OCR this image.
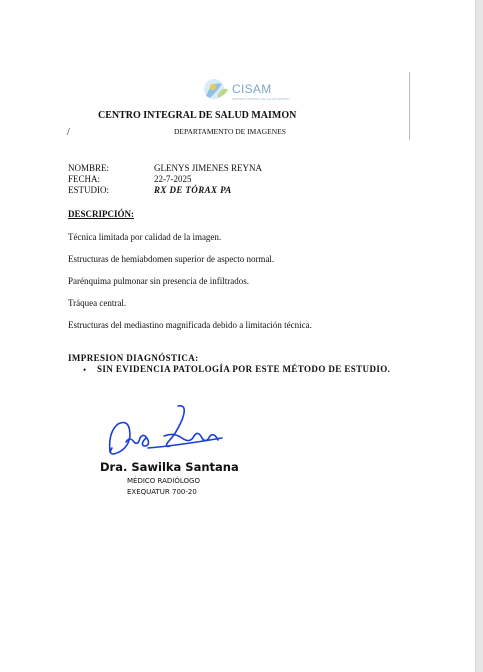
CISAM
CENTRO INTEGRAL DE SALUD MAIMON
CENTRO INTEGRAL DE SALUD MAIMON
/	DEPARTAMENTO DE IMAGENES
NOMBRE:	GLENYS JIMENES REYNA
FECHA:	22-7-2025
ESTUDIO:	RX DE TÓRAX PA
DESCRIPCIÓN:
Técnica limitada por calidad de la imagen.
Estructuras de hemiabdomen superior de aspecto normal.
Parénquima pulmonar sin presencia de infiltrados.
Tráquea central.
Estructuras del mediastino magnificada debido a limitación técnica.
IMPRESION DIAGNÓSTICA:
• SIN EVIDENCIA PATOLOGÍA POR ESTE MÉTODO DE ESTUDIO.
Dra. Sawilka Santana
MÉDICO RADIÓLOGO
EXEQUATUR 700-20
